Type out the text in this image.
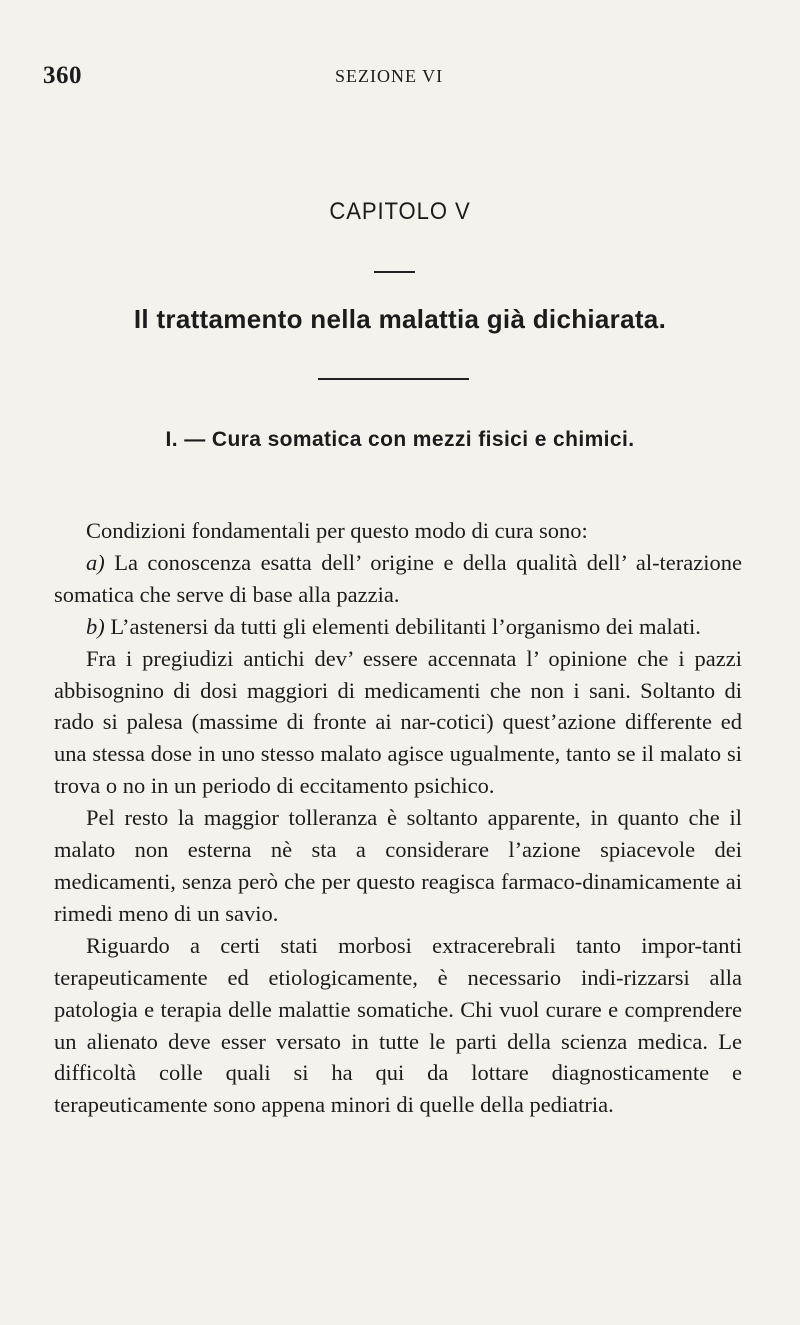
360	SEZIONE VI
CAPITOLO V
Il trattamento nella malattia già dichiarata.
I. — Cura somatica con mezzi fisici e chimici.

Condizioni fondamentali per questo modo di cura sono:

a) La conoscenza esatta dell’ origine e della qualità dell’ al-terazione somatica che serve di base alla pazzia.

b) L’astenersi da tutti gli elementi debilitanti l’organismo dei malati.

Fra i pregiudizi antichi dev’ essere accennata l’ opinione che i pazzi abbisognino di dosi maggiori di medicamenti che non i sani. Soltanto di rado si palesa (massime di fronte ai nar-cotici) quest’azione differente ed una stessa dose in uno stesso malato agisce ugualmente, tanto se il malato si trova o no in un periodo di eccitamento psichico.

Pel resto la maggior tolleranza è soltanto apparente, in quanto che il malato non esterna nè sta a considerare l’azione spiacevole dei medicamenti, senza però che per questo reagisca farmaco-dinamicamente ai rimedi meno di un savio.

Riguardo a certi stati morbosi extracerebrali tanto impor-tanti terapeuticamente ed etiologicamente, è necessario indi-rizzarsi alla patologia e terapia delle malattie somatiche. Chi vuol curare e comprendere un alienato deve esser versato in tutte le parti della scienza medica. Le difficoltà colle quali si ha qui da lottare diagnosticamente e terapeuticamente sono appena minori di quelle della pediatria.
